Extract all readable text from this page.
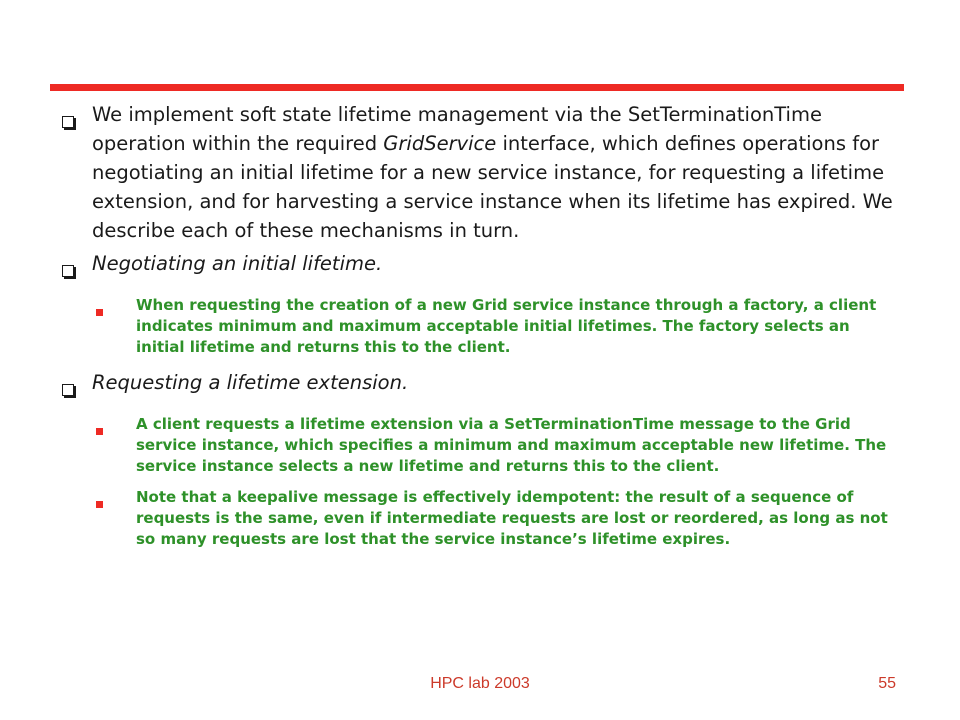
We implement soft state lifetime management via the SetTerminationTime operation within the required GridService interface, which defines operations for negotiating an initial lifetime for a new service instance, for requesting a lifetime extension, and for harvesting a service instance when its lifetime has expired. We describe each of these mechanisms in turn.
Negotiating an initial lifetime.
When requesting the creation of a new Grid service instance through a factory, a client indicates minimum and maximum acceptable initial lifetimes. The factory selects an initial lifetime and returns this to the client.
Requesting a lifetime extension.
A client requests a lifetime extension via a SetTerminationTime message to the Grid service instance, which specifies a minimum and maximum acceptable new lifetime. The service instance selects a new lifetime and returns this to the client.
Note that a keepalive message is effectively idempotent: the result of a sequence of requests is the same, even if intermediate requests are lost or reordered, as long as not so many requests are lost that the service instance’s lifetime expires.
HPC lab 2003	55
